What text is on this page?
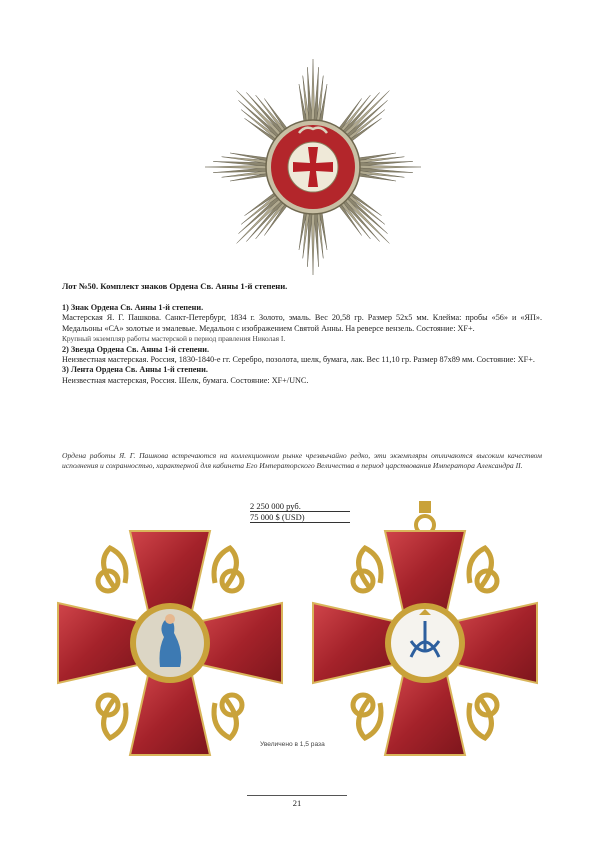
Лот №50. Комплект знаков Ордена Св. Анны 1-й степени.

1) Знак Ордена Св. Анны 1-й степени.

Мастерская Я. Г. Пашкова. Санкт-Петербург, 1834 г. Золото, эмаль. Вес 20,58 гр. Размер 52x5 мм. Клейма: пробы «56» и «ЯП». Медальоны «СА» золотые и эмалевые. Медальон с изображением Святой Анны. На реверсе вензель. Состояние: XF+.

Крупный экземпляр работы мастерской в период правления Николая I.

2) Звезда Ордена Св. Анны 1-й степени.

Неизвестная мастерская. Россия, 1830-1840-е гг. Серебро, позолота, шелк, бумага, лак. Вес 11,10 гр. Размер 87x89 мм. Состояние: XF+.

3) Лента Ордена Св. Анны 1-й степени.

Неизвестная мастерская, Россия. Шелк, бумага. Состояние: XF+/UNC.

Ордена работы Я. Г. Пашкова встречаются на коллекционном рынке чрезвычайно редко, эти экземпляры отличаются высоким качеством исполнения и сохранностью, характерной для кабинета Его Императорского Величества в период царствования Императора Александра II.
2 250 000 руб.
75 000 $ (USD)
Увеличено в 1,5 раза
21
